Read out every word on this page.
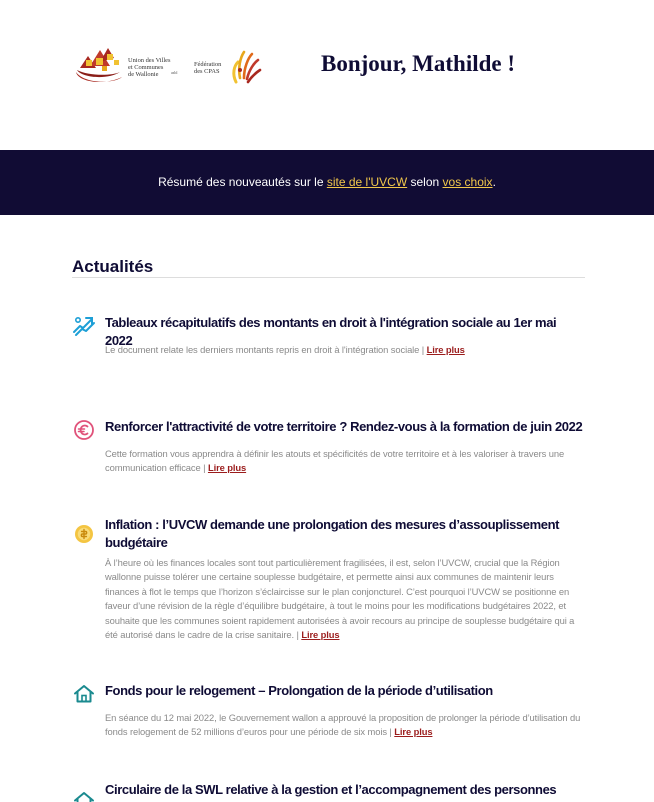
Union des Villes
et Communes
de Wallonie	asbl
Fédération
des CPAS	Bonjour, Mathilde !
Résumé des nouveautés sur le site de l'UVCW selon vos choix.
Actualités
Tableaux récapitulatifs des montants en droit à l'intégration sociale au 1er mai 2022
Le document relate les derniers montants repris en droit à l'intégration sociale | Lire plus
Renforcer l'attractivité de votre territoire ? Rendez-vous à la formation de juin 2022
Cette formation vous apprendra à définir les atouts et spécificités de votre territoire et à les valoriser à travers une communication efficace | Lire plus
Inflation : l’UVCW demande une prolongation des mesures d’assouplissement budgétaire
À l’heure où les finances locales sont tout particulièrement fragilisées, il est, selon l’UVCW, crucial que la Région wallonne puisse tolérer une certaine souplesse budgétaire, et permette ainsi aux communes de maintenir leurs finances à flot le temps que l’horizon s’éclaircisse sur le plan conjoncturel. C’est pourquoi l’UVCW se positionne en faveur d’une révision de la règle d’équilibre budgétaire, à tout le moins pour les modifications budgétaires 2022, et souhaite que les communes soient rapidement autorisées à avoir recours au principe de souplesse budgétaire qui a été autorisé dans le cadre de la crise sanitaire. | Lire plus
Fonds pour le relogement – Prolongation de la période d’utilisation
En séance du 12 mai 2022, le Gouvernement wallon a approuvé la proposition de prolonger la période d’utilisation du fonds relogement de 52 millions d’euros pour une période de six mois | Lire plus
Circulaire de la SWL relative à la gestion et l’accompagnement des personnes
